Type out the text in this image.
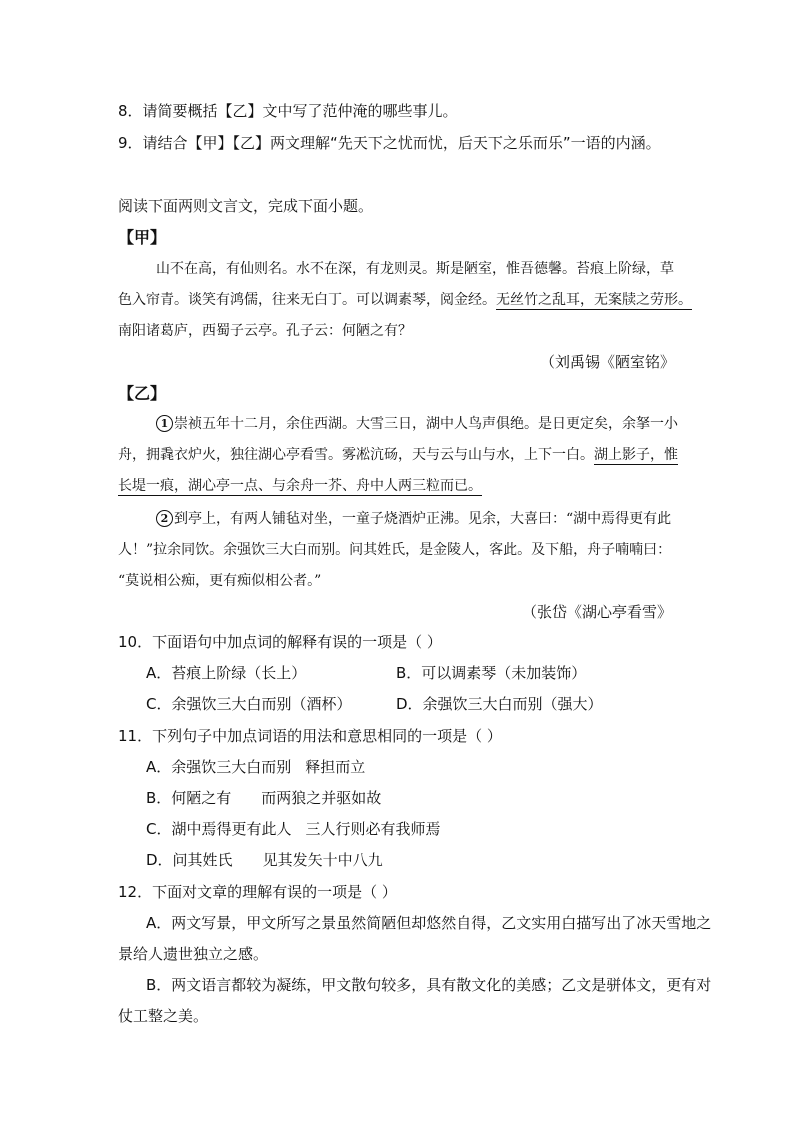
8．请简要概括【乙】文中写了范仲淹的哪些事儿。
9．请结合【甲】【乙】两文理解“先天下之忧而忧，后天下之乐而乐”一语的内涵。
阅读下面两则文言文，完成下面小题。
【甲】
山不在高，有仙则名。水不在深，有龙则灵。斯是陋室，惟吾德馨。苔痕上阶绿，草
色入帘青。谈笑有鸿儒，往来无白丁。可以调素琴，阅金经。无丝竹之乱耳，无案牍之劳形。
南阳诸葛庐，西蜀子云亭。孔子云：何陋之有？
（刘禹锡《陋室铭》
【乙】
1 崇祯五年十二月，余住西湖。大雪三日，湖中人鸟声俱绝。是日更定矣，余拏一小
舟，拥毳衣炉火，独往湖心亭看雪。雾凇沆砀，天与云与山与水，上下一白。湖上影子，惟
长堤一痕，湖心亭一点、与余舟一芥、舟中人两三粒而已。
2 到亭上，有两人铺毡对坐，一童子烧酒炉正沸。见余，大喜曰：“湖中焉得更有此
人！”拉余同饮。余强饮三大白而别。问其姓氏，是金陵人，客此。及下船，舟子喃喃曰：
“莫说相公痴，更有痴似相公者。”
（张岱《湖心亭看雪》
10．下面语句中加点词的解释有误的一项是（ ）
A．苔痕上阶绿（长上）	B．可以调素琴（未加装饰）
C．余强饮三大白而别（酒杯）	D．余强饮三大白而别（强大）
11．下列句子中加点词语的用法和意思相同的一项是（ ）
A．余强饮三大白而别 释担而立
B．何陋之有 而两狼之并驱如故
C．湖中焉得更有此人 三人行则必有我师焉
D．问其姓氏 见其发矢十中八九
12．下面对文章的理解有误的一项是（ ）
A．两文写景，甲文所写之景虽然简陋但却悠然自得，乙文实用白描写出了冰天雪地之
景给人遗世独立之感。
B．两文语言都较为凝练，甲文散句较多，具有散文化的美感；乙文是骈体文，更有对
仗工整之美。
